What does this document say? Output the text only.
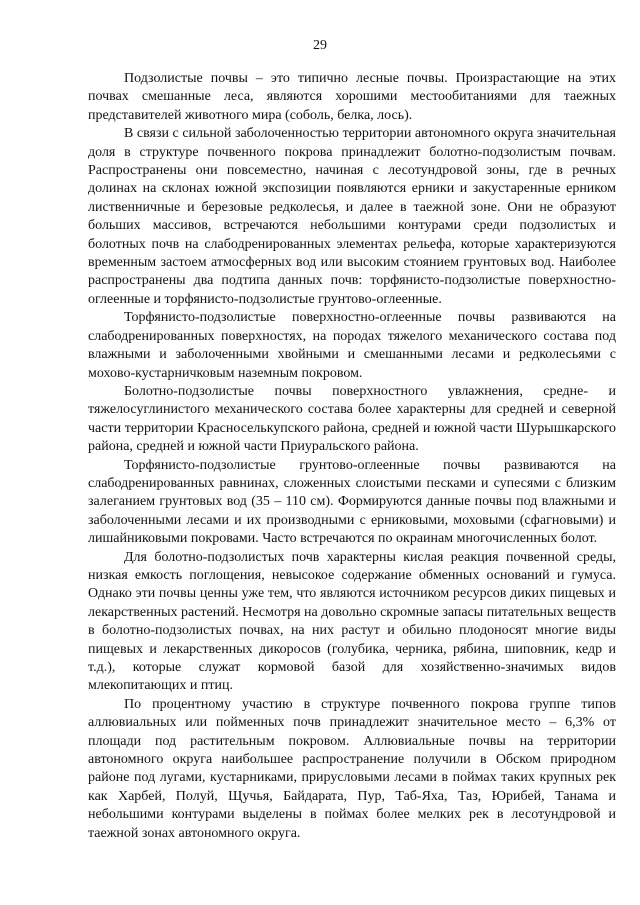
29

Подзолистые почвы – это типично лесные почвы. Произрастающие на этих почвах смешанные леса, являются хорошими местообитаниями для таежных представителей животного мира (соболь, белка, лось).

В связи с сильной заболоченностью территории автономного округа значительная доля в структуре почвенного покрова принадлежит болотно-подзолистым почвам. Распространены они повсеместно, начиная с лесотундровой зоны, где в речных долинах на склонах южной экспозиции появляются ерники и закустаренные ерником лиственничные и березовые редколесья, и далее в таежной зоне. Они не образуют больших массивов, встречаются небольшими контурами среди подзолистых и болотных почв на слабодренированных элементах рельефа, которые характеризуются временным застоем атмосферных вод или высоким стоянием грунтовых вод. Наиболее распространены два подтипа данных почв: торфянисто-подзолистые поверхностно-оглеенные и торфянисто-подзолистые грунтово-оглеенные.

Торфянисто-подзолистые поверхностно-оглеенные почвы развиваются на слабодренированных поверхностях, на породах тяжелого механического состава под влажными и заболоченными хвойными и смешанными лесами и редколесьями с мохово-кустарничковым наземным покровом.

Болотно-подзолистые почвы поверхностного увлажнения, средне- и тяжелосуглинистого механического состава более характерны для средней и северной части территории Красноселькупского района, средней и южной части Шурышкарского района, средней и южной части Приуральского района.

Торфянисто-подзолистые грунтово-оглеенные почвы развиваются на слабодренированных равнинах, сложенных слоистыми песками и супесями с близким залеганием грунтовых вод (35 – 110 см). Формируются данные почвы под влажными и заболоченными лесами и их производными с ерниковыми, моховыми (сфагновыми) и лишайниковыми покровами. Часто встречаются по окраинам многочисленных болот.

Для болотно-подзолистых почв характерны кислая реакция почвенной среды, низкая емкость поглощения, невысокое содержание обменных оснований и гумуса. Однако эти почвы ценны уже тем, что являются источником ресурсов диких пищевых и лекарственных растений. Несмотря на довольно скромные запасы питательных веществ в болотно-подзолистых почвах, на них растут и обильно плодоносят многие виды пищевых и лекарственных дикоросов (голубика, черника, рябина, шиповник, кедр и т.д.), которые служат кормовой базой для хозяйственно-значимых видов млекопитающих и птиц.

По процентному участию в структуре почвенного покрова группе типов аллювиальных или пойменных почв принадлежит значительное место – 6,3% от площади под растительным покровом. Аллювиальные почвы на территории автономного округа наибольшее распространение получили в Обском природном районе под лугами, кустарниками, прирусловыми лесами в поймах таких крупных рек как Харбей, Полуй, Щучья, Байдарата, Пур, Таб-Яха, Таз, Юрибей, Танама и небольшими контурами выделены в поймах более мелких рек в лесотундровой и таежной зонах автономного округа.
